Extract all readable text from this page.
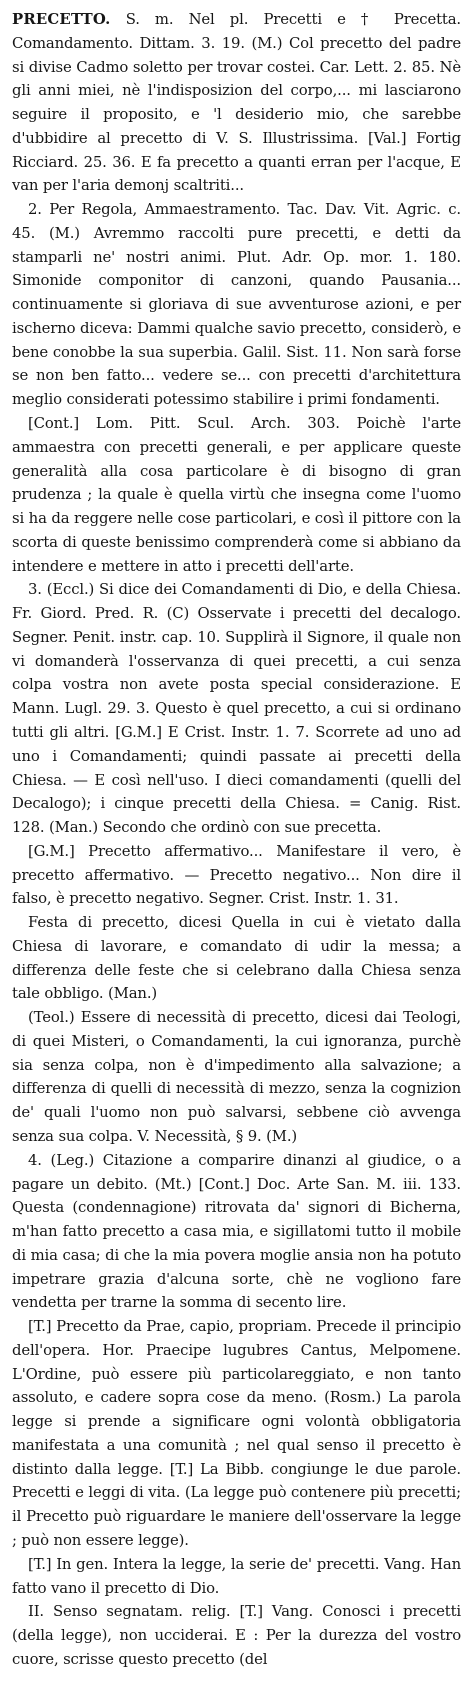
PRECETTO. S. m. Nel pl. Precetti e † Precetta. Comandamento. Dittam. 3. 19. (M.) Col precetto del padre si divise Cadmo soletto per trovar costei. Car. Lett. 2. 85. Nè gli anni miei, nè l'indisposizion del corpo,... mi lasciarono seguire il proposito, e 'l desiderio mio, che sarebbe d'ubbidire al precetto di V. S. Illustrissima. [Val.] Fortig Ricciard. 25. 36. E fa precetto a quanti erran per l'acque, E van per l'aria demonj scaltriti...

2. Per Regola, Ammaestramento. Tac. Dav. Vit. Agric. c. 45. (M.) Avremmo raccolti pure precetti, e detti da stamparli ne' nostri animi. Plut. Adr. Op. mor. 1. 180. Simonide componitor di canzoni, quando Pausania... continuamente si gloriava di sue avventurose azioni, e per ischerno diceva: Dammi qualche savio precetto, considerò, e bene conobbe la sua superbia. Galil. Sist. 11. Non sarà forse se non ben fatto... vedere se... con precetti d'architettura meglio considerati potessimo stabilire i primi fondamenti.

[Cont.] Lom. Pitt. Scul. Arch. 303. Poichè l'arte ammaestra con precetti generali, e per applicare queste generalità alla cosa particolare è di bisogno di gran prudenza ; la quale è quella virtù che insegna come l'uomo si ha da reggere nelle cose particolari, e così il pittore con la scorta di queste benissimo comprenderà come si abbiano da intendere e mettere in atto i precetti dell'arte.

3. (Eccl.) Si dice dei Comandamenti di Dio, e della Chiesa. Fr. Giord. Pred. R. (C) Osservate i precetti del decalogo. Segner. Penit. instr. cap. 10. Supplirà il Signore, il quale non vi domanderà l'osservanza di quei precetti, a cui senza colpa vostra non avete posta special considerazione. E Mann. Lugl. 29. 3. Questo è quel precetto, a cui si ordinano tutti gli altri. [G.M.] E Crist. Instr. 1. 7. Scorrete ad uno ad uno i Comandamenti; quindi passate ai precetti della Chiesa. — E così nell'uso. I dieci comandamenti (quelli del Decalogo); i cinque precetti della Chiesa. = Canig. Rist. 128. (Man.) Secondo che ordinò con sue precetta.

[G.M.] Precetto affermativo... Manifestare il vero, è precetto affermativo. — Precetto negativo... Non dire il falso, è precetto negativo. Segner. Crist. Instr. 1. 31.

Festa di precetto, dicesi Quella in cui è vietato dalla Chiesa di lavorare, e comandato di udir la messa; a differenza delle feste che si celebrano dalla Chiesa senza tale obbligo. (Man.)

(Teol.) Essere di necessità di precetto, dicesi dai Teologi, di quei Misteri, o Comandamenti, la cui ignoranza, purchè sia senza colpa, non è d'impedimento alla salvazione; a differenza di quelli di necessità di mezzo, senza la cognizion de' quali l'uomo non può salvarsi, sebbene ciò avvenga senza sua colpa. V. Necessità, § 9. (M.)

4. (Leg.) Citazione a comparire dinanzi al giudice, o a pagare un debito. (Mt.) [Cont.] Doc. Arte San. M. iii. 133. Questa (condennagione) ritrovata da' signori di Bicherna, m'han fatto precetto a casa mia, e sigillatomi tutto il mobile di mia casa; di che la mia povera moglie ansia non ha potuto impetrare grazia d'alcuna sorte, chè ne vogliono fare vendetta per trarne la somma di secento lire.

[T.] Precetto da Prae, capio, propriam. Precede il principio dell'opera. Hor. Praecipe lugubres Cantus, Melpomene. L'Ordine, può essere più particolareggiato, e non tanto assoluto, e cadere sopra cose da meno. (Rosm.) La parola legge si prende a significare ogni volontà obbligatoria manifestata a una comunità ; nel qual senso il precetto è distinto dalla legge. [T.] La Bibb. congiunge le due parole. Precetti e leggi di vita. (La legge può contenere più precetti; il Precetto può riguardare le maniere dell'osservare la legge ; può non essere legge).

[T.] In gen. Intera la legge, la serie de' precetti. Vang. Han fatto vano il precetto di Dio.

II. Senso segnatam. relig. [T.] Vang. Conosci i precetti (della legge), non ucciderai. E : Per la durezza del vostro cuore, scrisse questo precetto (del
